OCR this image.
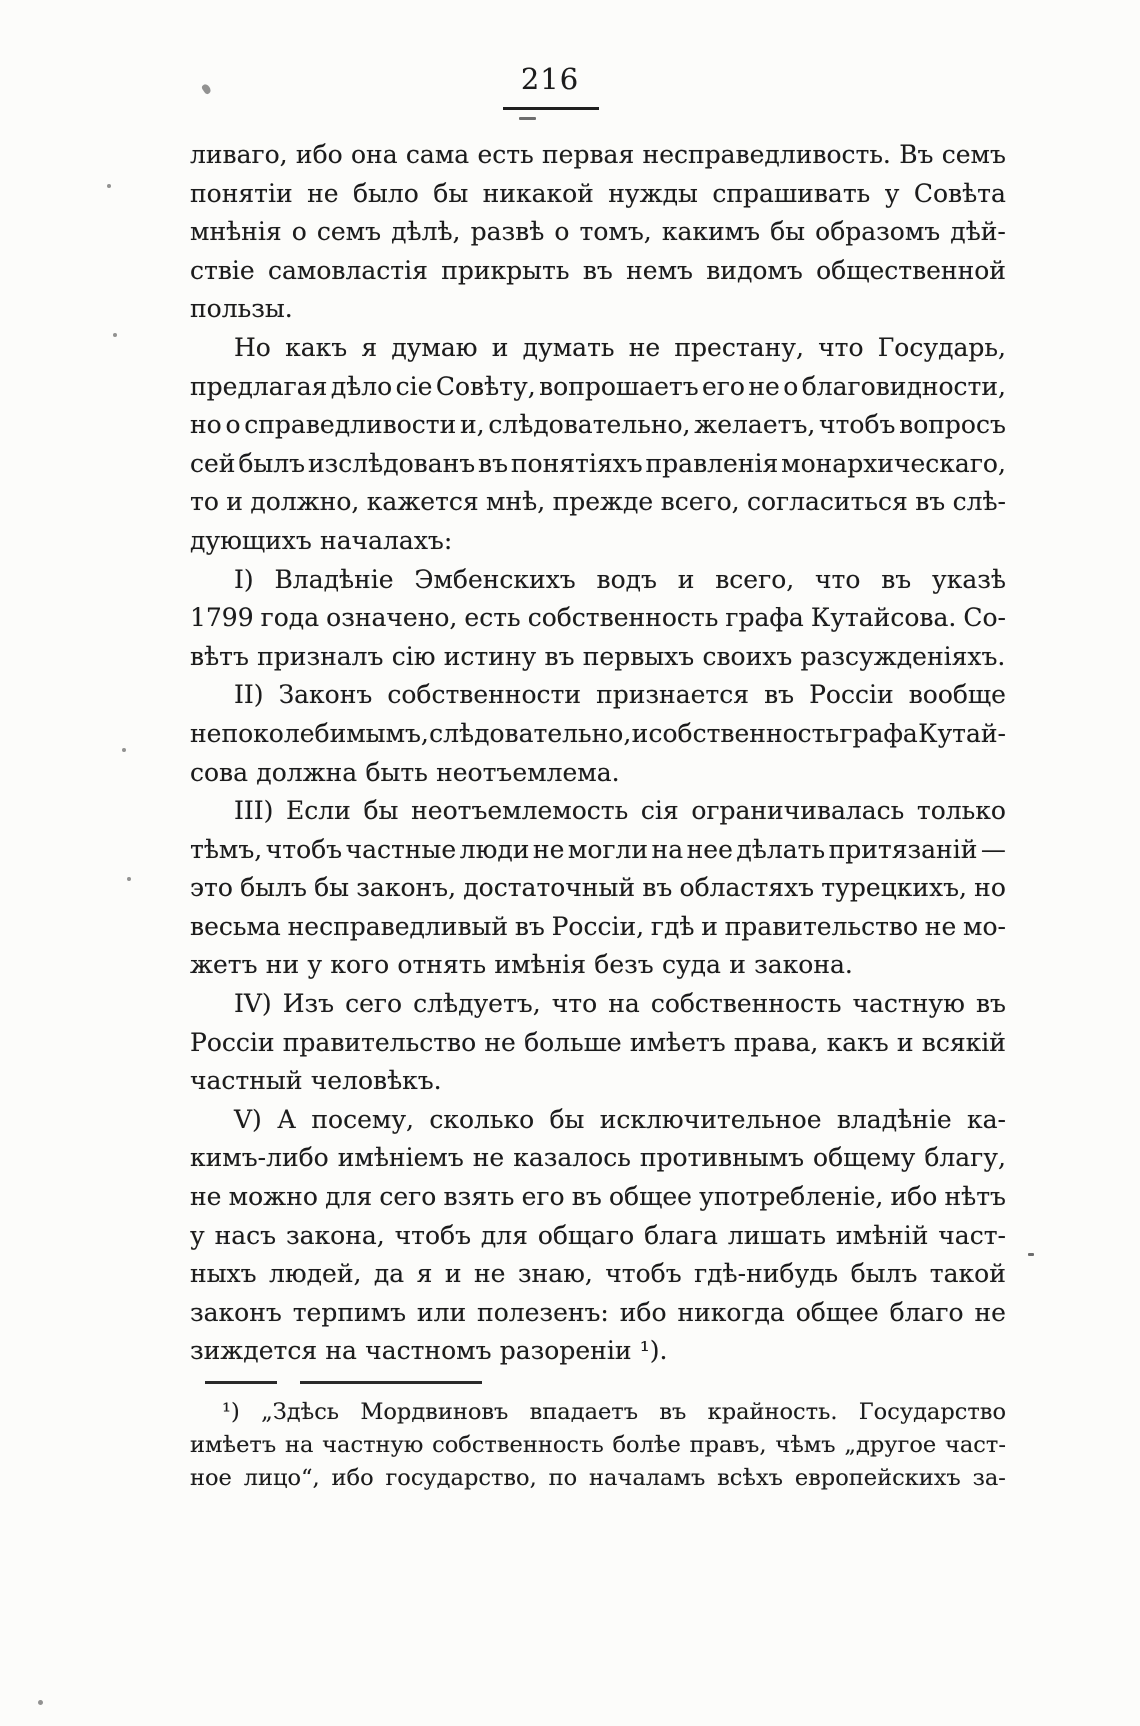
216
ливаго, ибо она сама есть первая несправедливость. Въ семъ
понятіи не было бы никакой нужды спрашивать у Совѣта
мнѣнія о семъ дѣлѣ, развѣ о томъ, какимъ бы образомъ дѣй-
ствіе самовластія прикрыть въ немъ видомъ общественной
пользы.
Но какъ я думаю и думать не престану, что Государь,
предлагая дѣло сіе Совѣту, вопрошаетъ его не о благовидности,
но о справедливости и, слѣдовательно, желаетъ, чтобъ вопросъ
сей былъ изслѣдованъ въ понятіяхъ правленія монархическаго,
то и должно, кажется мнѣ, прежде всего, согласиться въ слѣ-
дующихъ началахъ:
I) Владѣніе Эмбенскихъ водъ и всего, что въ указѣ
1799 года означено, есть собственность графа Кутайсова. Со-
вѣтъ призналъ сію истину въ первыхъ своихъ разсужденіяхъ.
II) Законъ собственности признается въ Россіи вообще
непоколебимымъ, слѣдовательно, и собственность графа Кутай-
сова должна быть неотъемлема.
III) Если бы неотъемлемость сія ограничивалась только
тѣмъ, чтобъ частные люди не могли на нее дѣлать притязаній —
это былъ бы законъ, достаточный въ областяхъ турецкихъ, но
весьма несправедливый въ Россіи, гдѣ и правительство не мо-
жетъ ни у кого отнять имѣнія безъ суда и закона.
IV) Изъ сего слѣдуетъ, что на собственность частную въ
Россіи правительство не больше имѣетъ права, какъ и всякій
частный человѣкъ.
V) А посему, сколько бы исключительное владѣніе ка-
кимъ-либо имѣніемъ не казалось противнымъ общему благу,
не можно для сего взять его въ общее употребленіе, ибо нѣтъ
у насъ закона, чтобъ для общаго блага лишать имѣній част-
ныхъ людей, да я и не знаю, чтобъ гдѣ-нибудь былъ такой
законъ терпимъ или полезенъ: ибо никогда общее благо не
зиждется на частномъ разореніи ¹).
¹) „Здѣсь Мордвиновъ впадаетъ въ крайность. Государство
имѣетъ на частную собственность болѣе правъ, чѣмъ „другое част-
ное лицо“, ибо государство, по началамъ всѣхъ европейскихъ за-
